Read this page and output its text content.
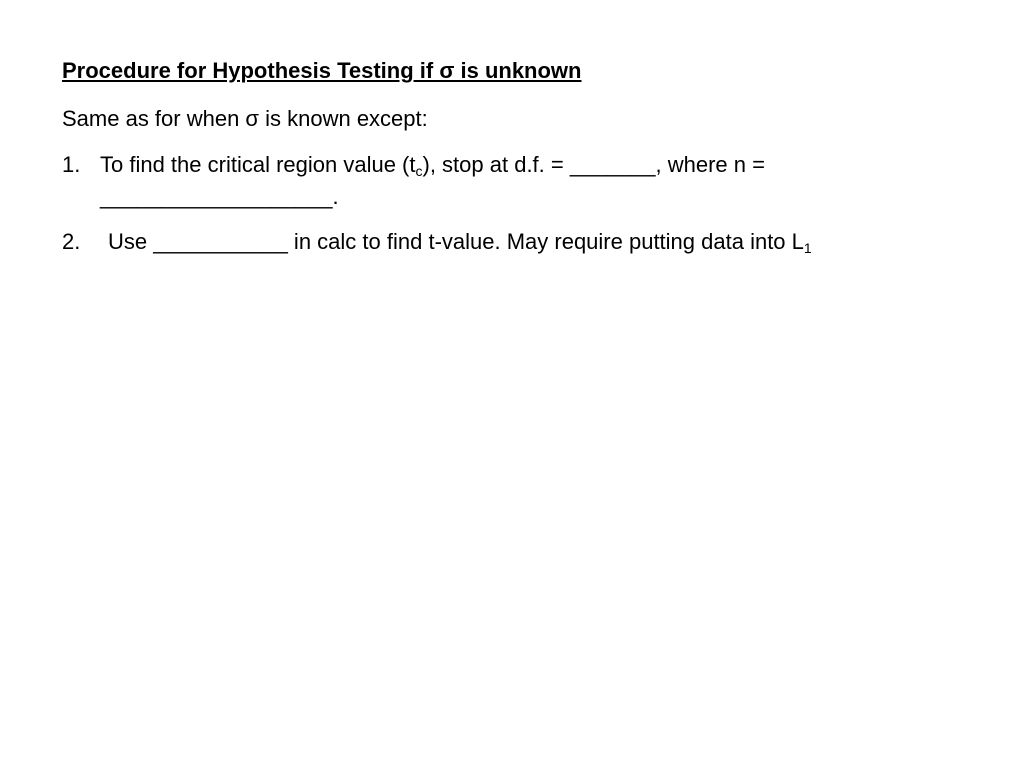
Procedure for Hypothesis Testing if σ is unknown
Same as for when σ is known except:
1. To find the critical region value $(t_c)$, stop at d.f. = _______, where n =
___________________.
2. Use ___________ in calc to find t-value. May require putting data into $L_1$
